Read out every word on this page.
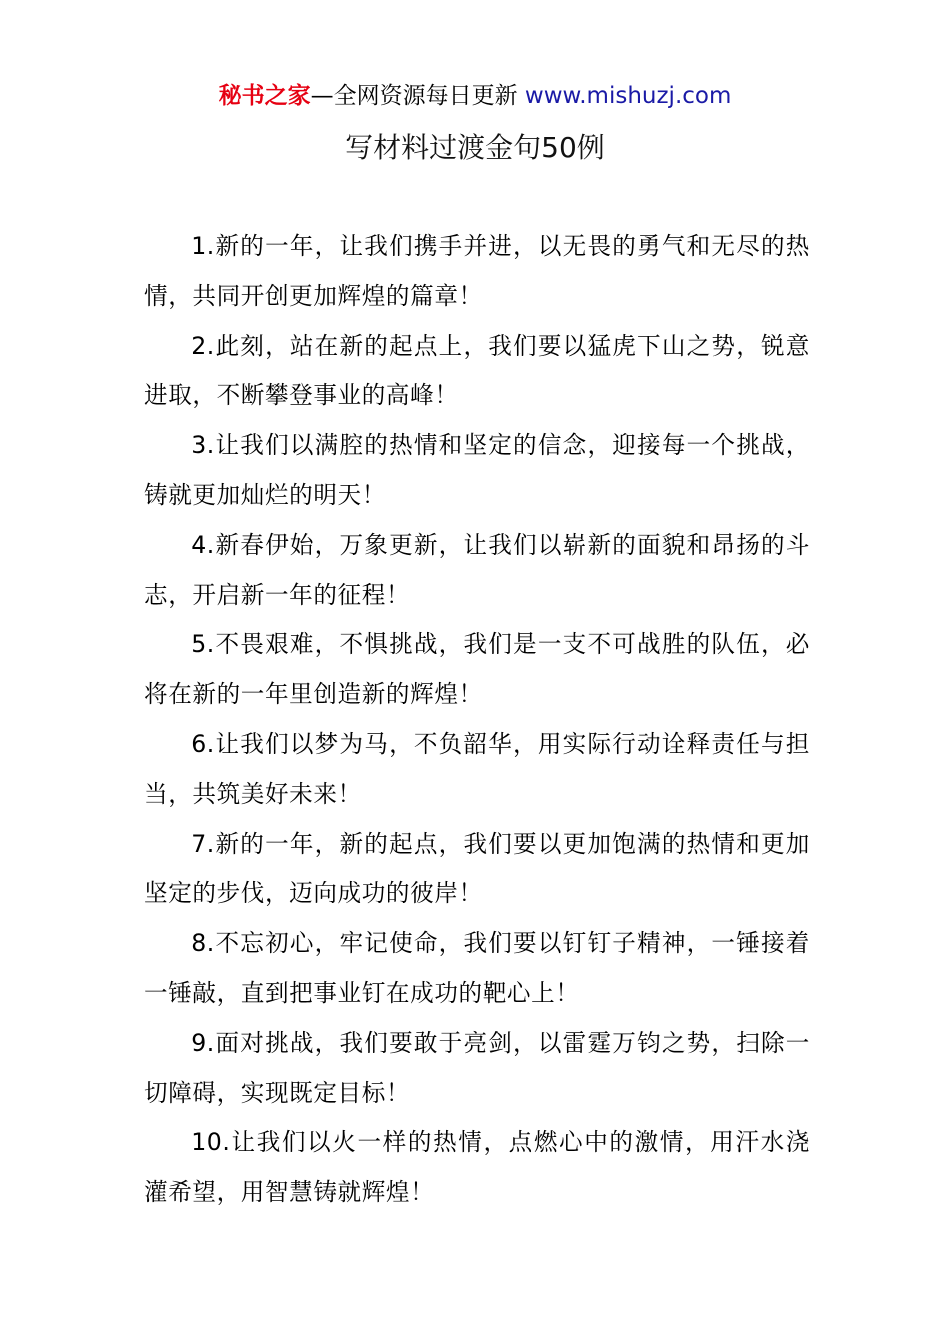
秘书之家—全网资源每日更新 www.mishuzj.com
写材料过渡金句50例

1.新的一年，让我们携手并进，以无畏的勇气和无尽的热情，共同开创更加辉煌的篇章！

2.此刻，站在新的起点上，我们要以猛虎下山之势，锐意进取，不断攀登事业的高峰！

3.让我们以满腔的热情和坚定的信念，迎接每一个挑战，铸就更加灿烂的明天！

4.新春伊始，万象更新，让我们以崭新的面貌和昂扬的斗志，开启新一年的征程！

5.不畏艰难，不惧挑战，我们是一支不可战胜的队伍，必将在新的一年里创造新的辉煌！

6.让我们以梦为马，不负韶华，用实际行动诠释责任与担当，共筑美好未来！

7.新的一年，新的起点，我们要以更加饱满的热情和更加坚定的步伐，迈向成功的彼岸！

8.不忘初心，牢记使命，我们要以钉钉子精神，一锤接着一锤敲，直到把事业钉在成功的靶心上！

9.面对挑战，我们要敢于亮剑，以雷霆万钧之势，扫除一切障碍，实现既定目标！

10.让我们以火一样的热情，点燃心中的激情，用汗水浇灌希望，用智慧铸就辉煌！
